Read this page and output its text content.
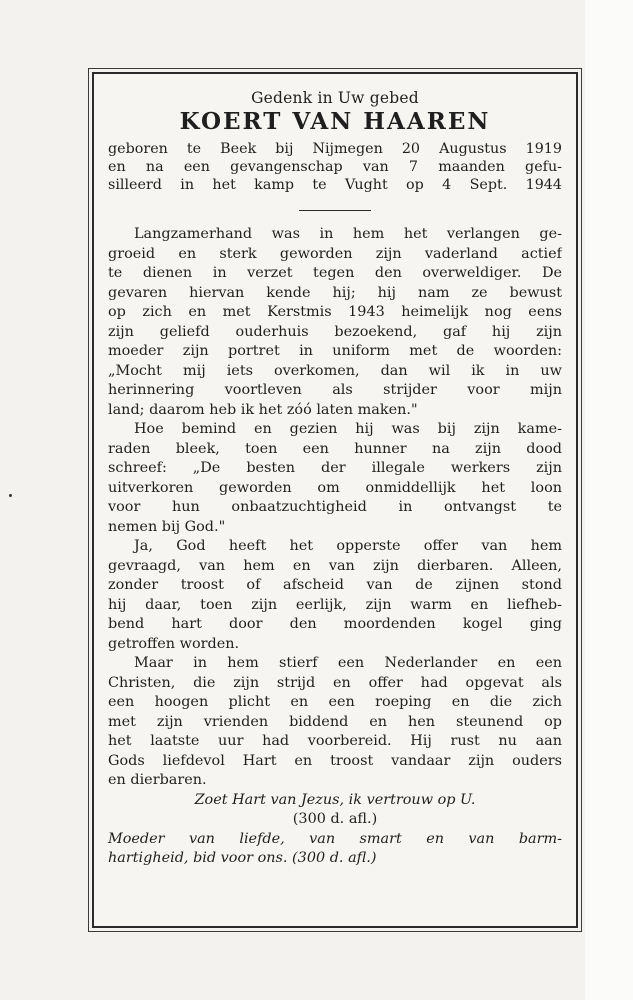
Gedenk in Uw gebed
KOERT VAN HAAREN
geboren te Beek bij Nijmegen 20 Augustus 1919
en na een gevangenschap van 7 maanden gefu-
silleerd in het kamp te Vught op 4 Sept. 1944
Langzamerhand was in hem het verlangen ge-
groeid en sterk geworden zijn vaderland actief
te dienen in verzet tegen den overweldiger. De
gevaren hiervan kende hij; hij nam ze bewust
op zich en met Kerstmis 1943 heimelijk nog eens
zijn geliefd ouderhuis bezoekend, gaf hij zijn
moeder zijn portret in uniform met de woorden:
„Mocht mij iets overkomen, dan wil ik in uw
herinnering voortleven als strijder voor mijn
land; daarom heb ik het zóó laten maken."
Hoe bemind en gezien hij was bij zijn kame-
raden bleek, toen een hunner na zijn dood
schreef: „De besten der illegale werkers zijn
uitverkoren geworden om onmiddellijk het loon
voor hun onbaatzuchtigheid in ontvangst te
nemen bij God."
Ja, God heeft het opperste offer van hem
gevraagd, van hem en van zijn dierbaren. Alleen,
zonder troost of afscheid van de zijnen stond
hij daar, toen zijn eerlijk, zijn warm en liefheb-
bend hart door den moordenden kogel ging
getroffen worden.
Maar in hem stierf een Nederlander en een
Christen, die zijn strijd en offer had opgevat als
een hoogen plicht en een roeping en die zich
met zijn vrienden biddend en hen steunend op
het laatste uur had voorbereid. Hij rust nu aan
Gods liefdevol Hart en troost vandaar zijn ouders
en dierbaren.
Zoet Hart van Jezus, ik vertrouw op U.
(300 d. afl.)
Moeder van liefde, van smart en van barm-
hartigheid, bid voor ons. (300 d. afl.)
